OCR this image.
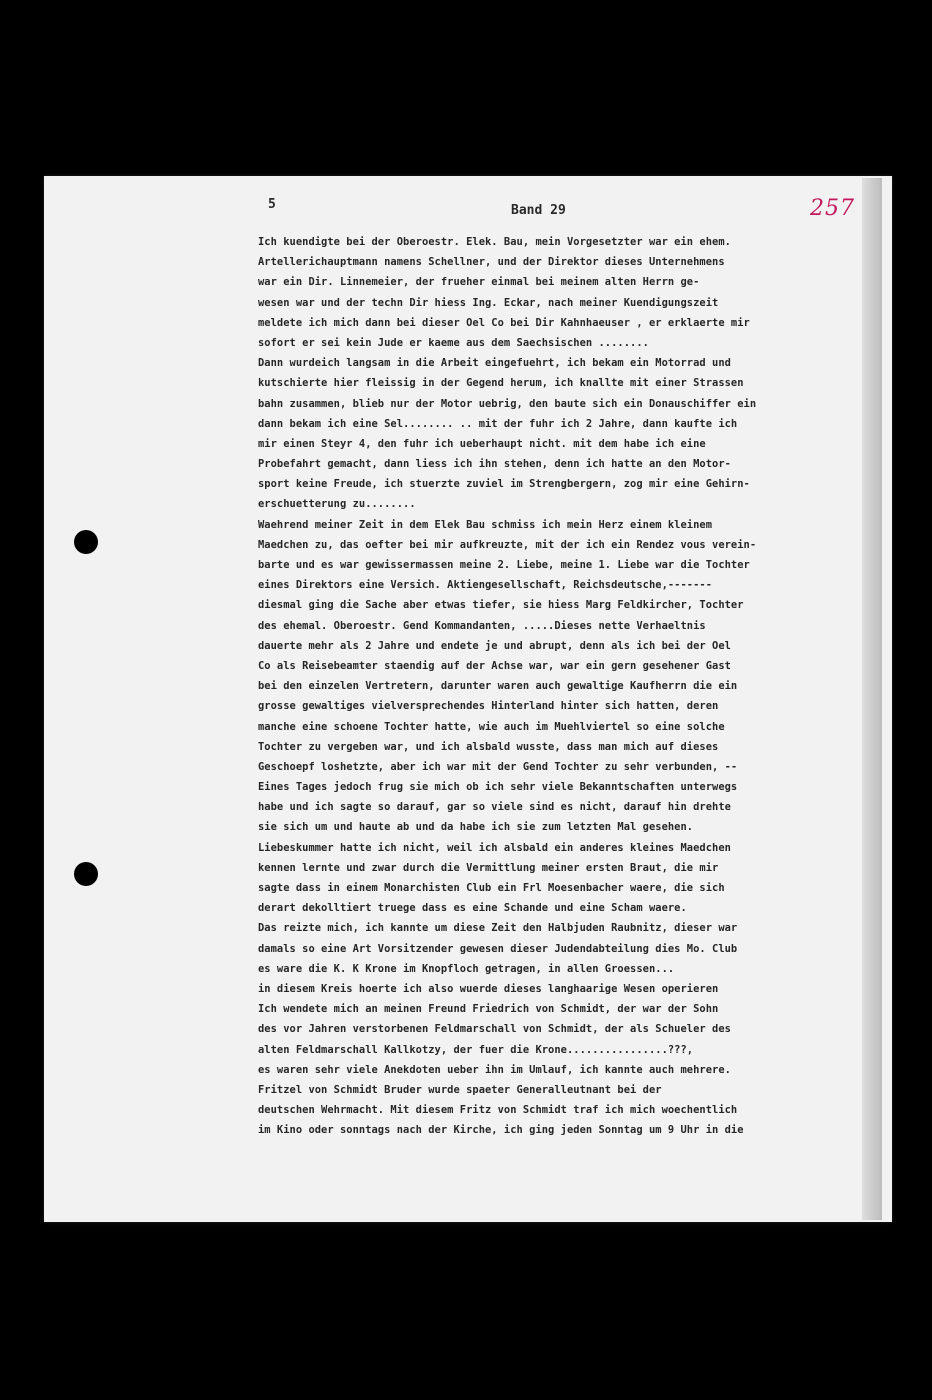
5	Band 29	257
Ich kuendigte bei der Oberoestr. Elek. Bau, mein Vorgesetzter war ein ehem.
Artellerichauptmann namens Schellner, und der Direktor dieses Unternehmens
war ein Dir. Linnemeier, der frueher einmal bei meinem alten Herrn ge-
wesen war und der techn Dir hiess Ing. Eckar, nach meiner Kuendigungszeit
meldete ich mich dann bei dieser Oel Co bei Dir Kahnhaeuser , er erklaerte mir
sofort er sei kein Jude er kaeme aus dem Saechsischen ........
Dann wurdeich langsam in die Arbeit eingefuehrt, ich bekam ein Motorrad und
kutschierte hier fleissig in der Gegend herum, ich knallte mit einer Strassen
bahn zusammen, blieb nur der Motor uebrig, den baute sich ein Donauschiffer ein
dann bekam ich eine Sel........ .. mit der fuhr ich 2 Jahre, dann kaufte ich
mir einen Steyr 4, den fuhr ich ueberhaupt nicht. mit dem habe ich eine
Probefahrt gemacht, dann liess ich ihn stehen, denn ich hatte an den Motor-
sport keine Freude, ich stuerzte zuviel im Strengbergern, zog mir eine Gehirn-
erschuetterung zu........
Waehrend meiner Zeit in dem Elek Bau schmiss ich mein Herz einem kleinem
Maedchen zu, das oefter bei mir aufkreuzte, mit der ich ein Rendez vous verein-
barte und es war gewissermassen meine 2. Liebe, meine 1. Liebe war die Tochter
eines Direktors eine Versich. Aktiengesellschaft, Reichsdeutsche,-------
diesmal ging die Sache aber etwas tiefer, sie hiess Marg Feldkircher, Tochter
des ehemal. Oberoestr. Gend Kommandanten, .....Dieses nette Verhaeltnis
dauerte mehr als 2 Jahre und endete je und abrupt, denn als ich bei der Oel
Co als Reisebeamter staendig auf der Achse war, war ein gern gesehener Gast
bei den einzelen Vertretern, darunter waren auch gewaltige Kaufherrn die ein
grosse gewaltiges vielversprechendes Hinterland hinter sich hatten, deren
manche eine schoene Tochter hatte, wie auch im Muehlviertel so eine solche
Tochter zu vergeben war, und ich alsbald wusste, dass man mich auf dieses
Geschoepf loshetzte, aber ich war mit der Gend Tochter zu sehr verbunden, --
Eines Tages jedoch frug sie mich ob ich sehr viele Bekanntschaften unterwegs
habe und ich sagte so darauf, gar so viele sind es nicht, darauf hin drehte
sie sich um und haute ab und da habe ich sie zum letzten Mal gesehen.
Liebeskummer hatte ich nicht, weil ich alsbald ein anderes kleines Maedchen
kennen lernte und zwar durch die Vermittlung meiner ersten Braut, die mir
sagte dass in einem Monarchisten Club ein Frl Moesenbacher waere, die sich
derart dekolltiert truege dass es eine Schande und eine Scham waere.
Das reizte mich, ich kannte um diese Zeit den Halbjuden Raubnitz, dieser war
damals so eine Art Vorsitzender gewesen dieser Judendabteilung dies Mo. Club
es ware die K. K Krone im Knopfloch getragen, in allen Groessen...
in diesem Kreis hoerte ich also wuerde dieses langhaarige Wesen operieren
Ich wendete mich an meinen Freund Friedrich von Schmidt, der war der Sohn
des vor Jahren verstorbenen Feldmarschall von Schmidt, der als Schueler des
alten Feldmarschall Kallkotzy, der fuer die Krone................???,
es waren sehr viele Anekdoten ueber ihn im Umlauf, ich kannte auch mehrere.
Fritzel von Schmidt Bruder wurde spaeter Generalleutnant bei der
deutschen Wehrmacht. Mit diesem Fritz von Schmidt traf ich mich woechentlich
im Kino oder sonntags nach der Kirche, ich ging jeden Sonntag um 9 Uhr in die
